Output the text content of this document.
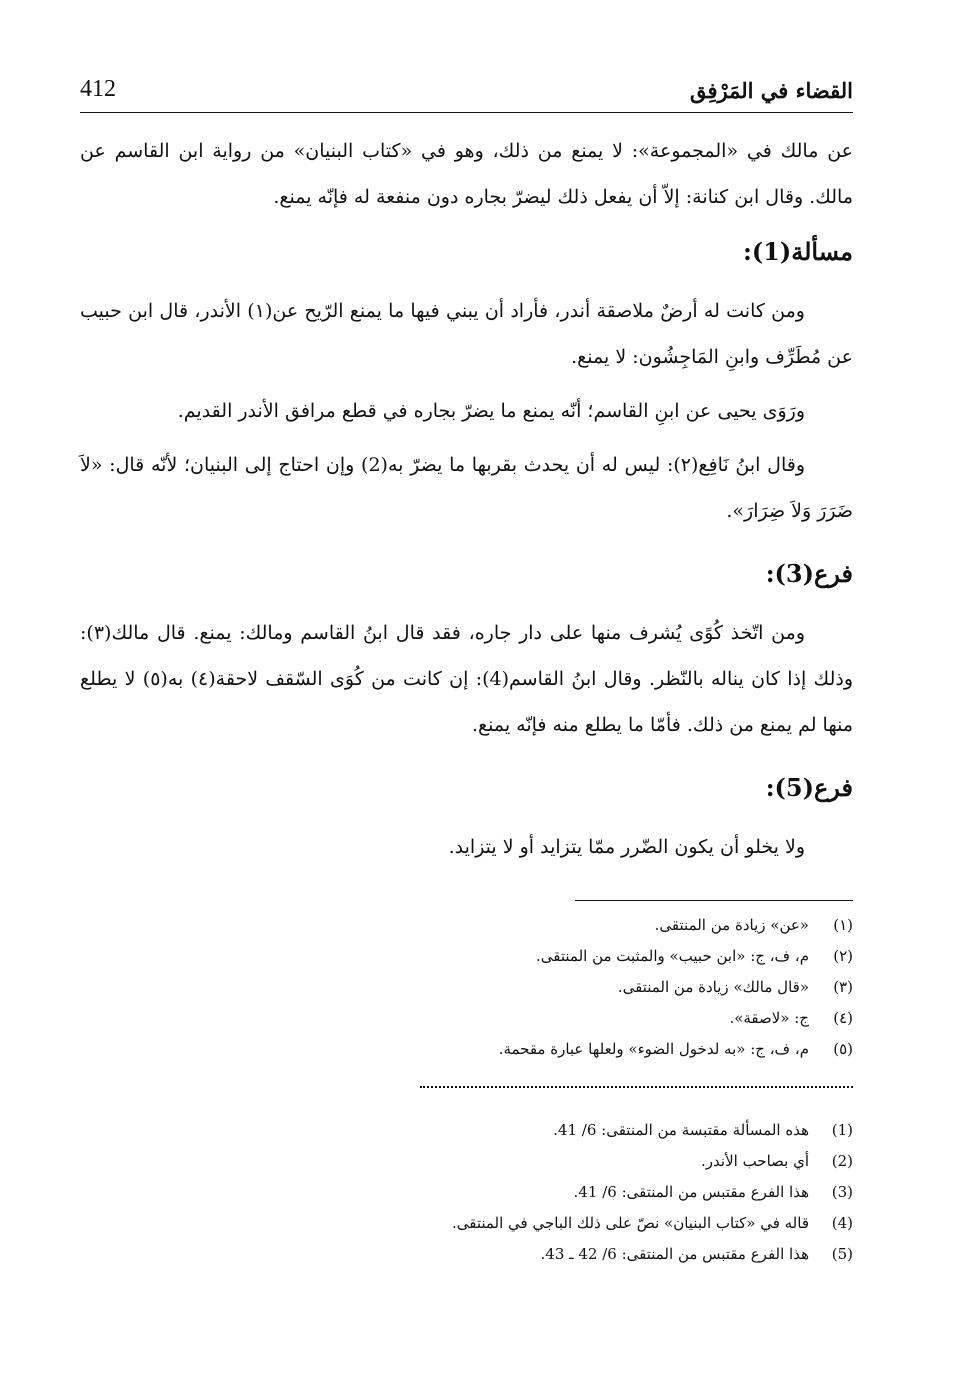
412	القضاء في المَرْفِق

عن مالك في «المجموعة»: لا يمنع من ذلك، وهو في «كتاب البنيان» من رواية ابن القاسم عن مالك. وقال ابن كنانة: إلاّ أن يفعل ذلك ليضرّ بجاره دون منفعة له فإنّه يمنع.

مسألة(1):

ومن كانت له أرضٌ ملاصقة أندر، فأراد أن يبني فيها ما يمنع الرّيح عن(١) الأندر، قال ابن حبيب عن مُطَرِّف وابنِ المَاجِشُون: لا يمنع.

ورَوَى يحيى عن ابنِ القاسم؛ أنّه يمنع ما يضرّ بجاره في قطع مرافق الأندر القديم.

وقال ابنُ نَافِع(٢): ليس له أن يحدث بقربها ما يضرّ به(2) وإن احتاج إلى البنيان؛ لأنّه قال: «لاَ ضَرَرَ وَلاَ ضِرَارَ».

فرع(3):

ومن اتّخذ كُوًى يُشرف منها على دار جاره، فقد قال ابنُ القاسم ومالك: يمنع. قال مالك(٣): وذلك إذا كان يناله بالنّظر. وقال ابنُ القاسم(4): إن كانت من كُوَى السّقف لاحقة(٤) به(٥) لا يطلع منها لم يمنع من ذلك. فأمّا ما يطلع منه فإنّه يمنع.

فرع(5):

ولا يخلو أن يكون الضّرر ممّا يتزايد أو لا يتزايد.

(١)«عن» زيادة من المنتقى.
(٢)م، ف، ج: «ابن حبيب» والمثبت من المنتقى.
(٣)«قال مالك» زيادة من المنتقى.
(٤)ج: «لاصقة».
(٥)م، ف، ج: «به لدخول الضوء» ولعلها عبارة مقحمة.
(1)هذه المسألة مقتبسة من المنتقى: 6/ 41.
(2)أي بصاحب الأندر.
(3)هذا الفرع مقتبس من المنتقى: 6/ 41.
(4)قاله في «كتاب البنيان» نصّ على ذلك الباجي في المنتقى.
(5)هذا الفرع مقتبس من المنتقى: 6/ 42 ـ 43.
